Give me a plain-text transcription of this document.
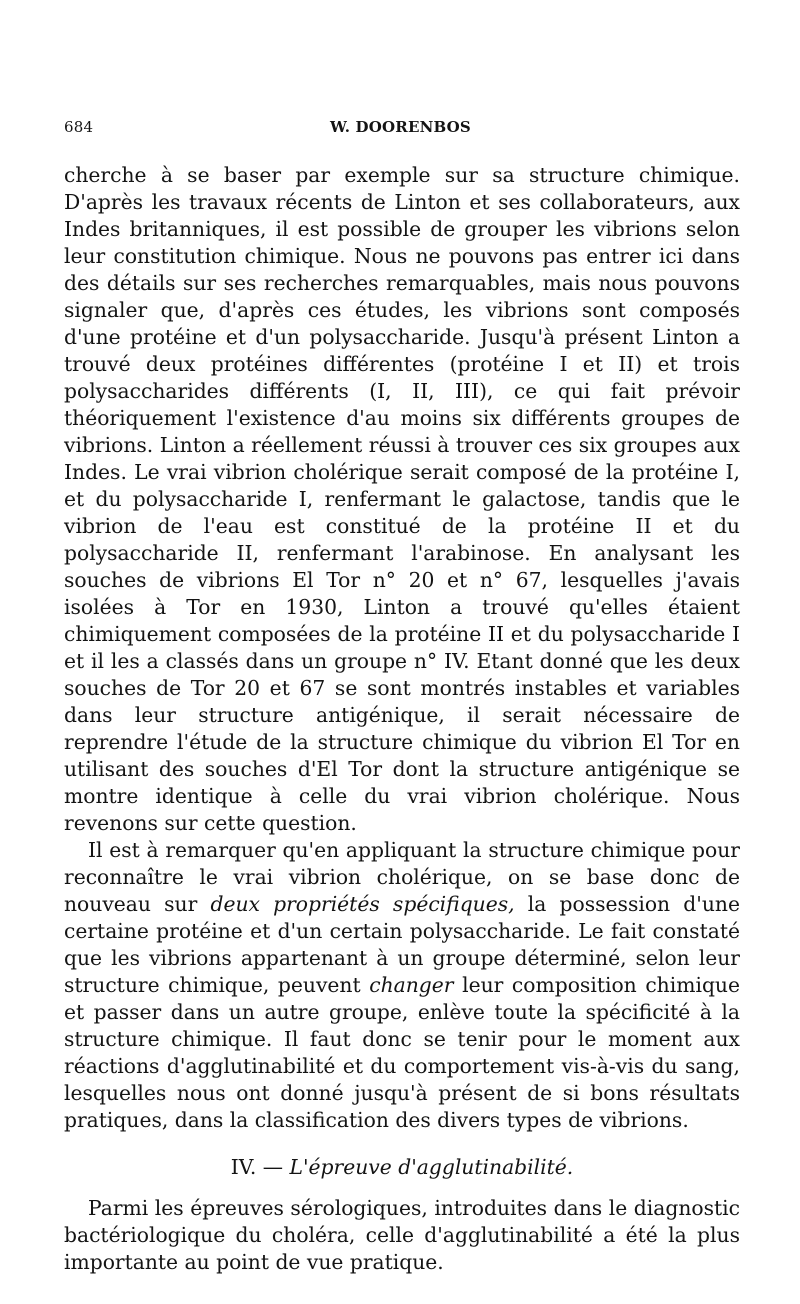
684	W. DOORENBOS

cherche à se baser par exemple sur sa structure chimique. D'après les travaux récents de Linton et ses collaborateurs, aux Indes britanniques, il est possible de grouper les vibrions selon leur constitution chimique. Nous ne pouvons pas entrer ici dans des détails sur ses recherches remarquables, mais nous pouvons signaler que, d'après ces études, les vibrions sont composés d'une protéine et d'un polysaccharide. Jusqu'à présent Linton a trouvé deux protéines différentes (protéine I et II) et trois polysaccharides différents (I, II, III), ce qui fait prévoir théoriquement l'existence d'au moins six différents groupes de vibrions. Linton a réellement réussi à trouver ces six groupes aux Indes. Le vrai vibrion cholérique serait composé de la protéine I, et du polysaccharide I, renfermant le galactose, tandis que le vibrion de l'eau est constitué de la protéine II et du polysaccharide II, renfermant l'arabinose. En analysant les souches de vibrions El Tor n° 20 et n° 67, lesquelles j'avais isolées à Tor en 1930, Linton a trouvé qu'elles étaient chimiquement composées de la protéine II et du polysaccharide I et il les a classés dans un groupe n° IV. Etant donné que les deux souches de Tor 20 et 67 se sont montrés instables et variables dans leur structure antigénique, il serait nécessaire de reprendre l'étude de la structure chimique du vibrion El Tor en utilisant des souches d'El Tor dont la structure antigénique se montre identique à celle du vrai vibrion cholérique. Nous revenons sur cette question.

Il est à remarquer qu'en appliquant la structure chimique pour reconnaître le vrai vibrion cholérique, on se base donc de nouveau sur deux propriétés spécifiques, la possession d'une certaine protéine et d'un certain polysaccharide. Le fait constaté que les vibrions appartenant à un groupe déterminé, selon leur structure chimique, peuvent changer leur composition chimique et passer dans un autre groupe, enlève toute la spécificité à la structure chimique. Il faut donc se tenir pour le moment aux réactions d'agglutinabilité et du comportement vis-à-vis du sang, lesquelles nous ont donné jusqu'à présent de si bons résultats pratiques, dans la classification des divers types de vibrions.

IV. — L'épreuve d'agglutinabilité.

Parmi les épreuves sérologiques, introduites dans le diagnostic bactériologique du choléra, celle d'agglutinabilité a été la plus importante au point de vue pratique.
